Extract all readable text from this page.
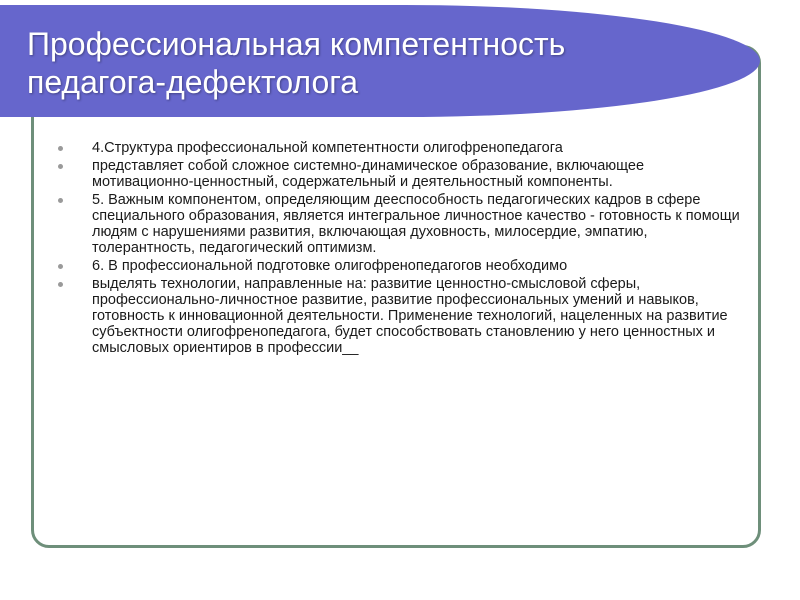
Профессиональная компетентность
педагога-дефектолога
4.Структура профессиональной компетентности олигофренопедагога
представляет собой сложное системно-динамическое образование, включающее мотивационно-ценностный, содержательный и деятельностный компоненты.
5. Важным компонентом, определяющим дееспособность педагогических кадров в сфере специального образования, является интегральное личностное качество - готовность к помощи людям с нарушениями развития, включающая духовность, милосердие, эмпатию, толерантность, педагогический оптимизм.
6. В профессиональной подготовке олигофренопедагогов необходимо
выделять технологии, направленные на: развитие ценностно-смысловой сферы, профессионально-личностное развитие, развитие профессиональных умений и навыков, готовность к инновационной деятельности. Применение технологий, нацеленных на развитие субъектности олигофренопедагога, будет способствовать становлению у него ценностных и смысловых ориентиров в профессии__
